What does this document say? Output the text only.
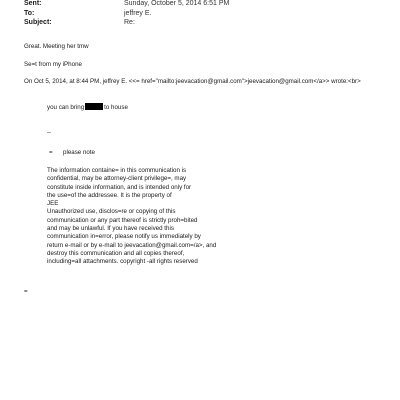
Sent:	Sunday, October 5, 2014 6:51 PM
To:	jeffrey E.
Subject:	Re:
Great. Meeting her tmw
Se=t from my iPhone
On Oct 5, 2014, at 8:44 PM, jeffrey E. <<= href="mailto:jeevacation@gmail.com">jeevacation@gmail.com</a>> wrote:<br>
you can bring	to house
--
= please note
The information containe= in this communication is
confidential, may be attorney-client privilege=, may
constitute inside information, and is intended only for
the use=of the addressee. It is the property of
JEE
Unauthorized use, disclos=re or copying of this
communication or any part thereof is strictly proh=bited
and may be unlawful. If you have received this
communication in=error, please notify us immediately by
return e-mail or by e-mail to jeevacation@gmail.com=/a>, and
destroy this communication and all copies thereof,
including=all attachments. copyright -all rights reserved
=
